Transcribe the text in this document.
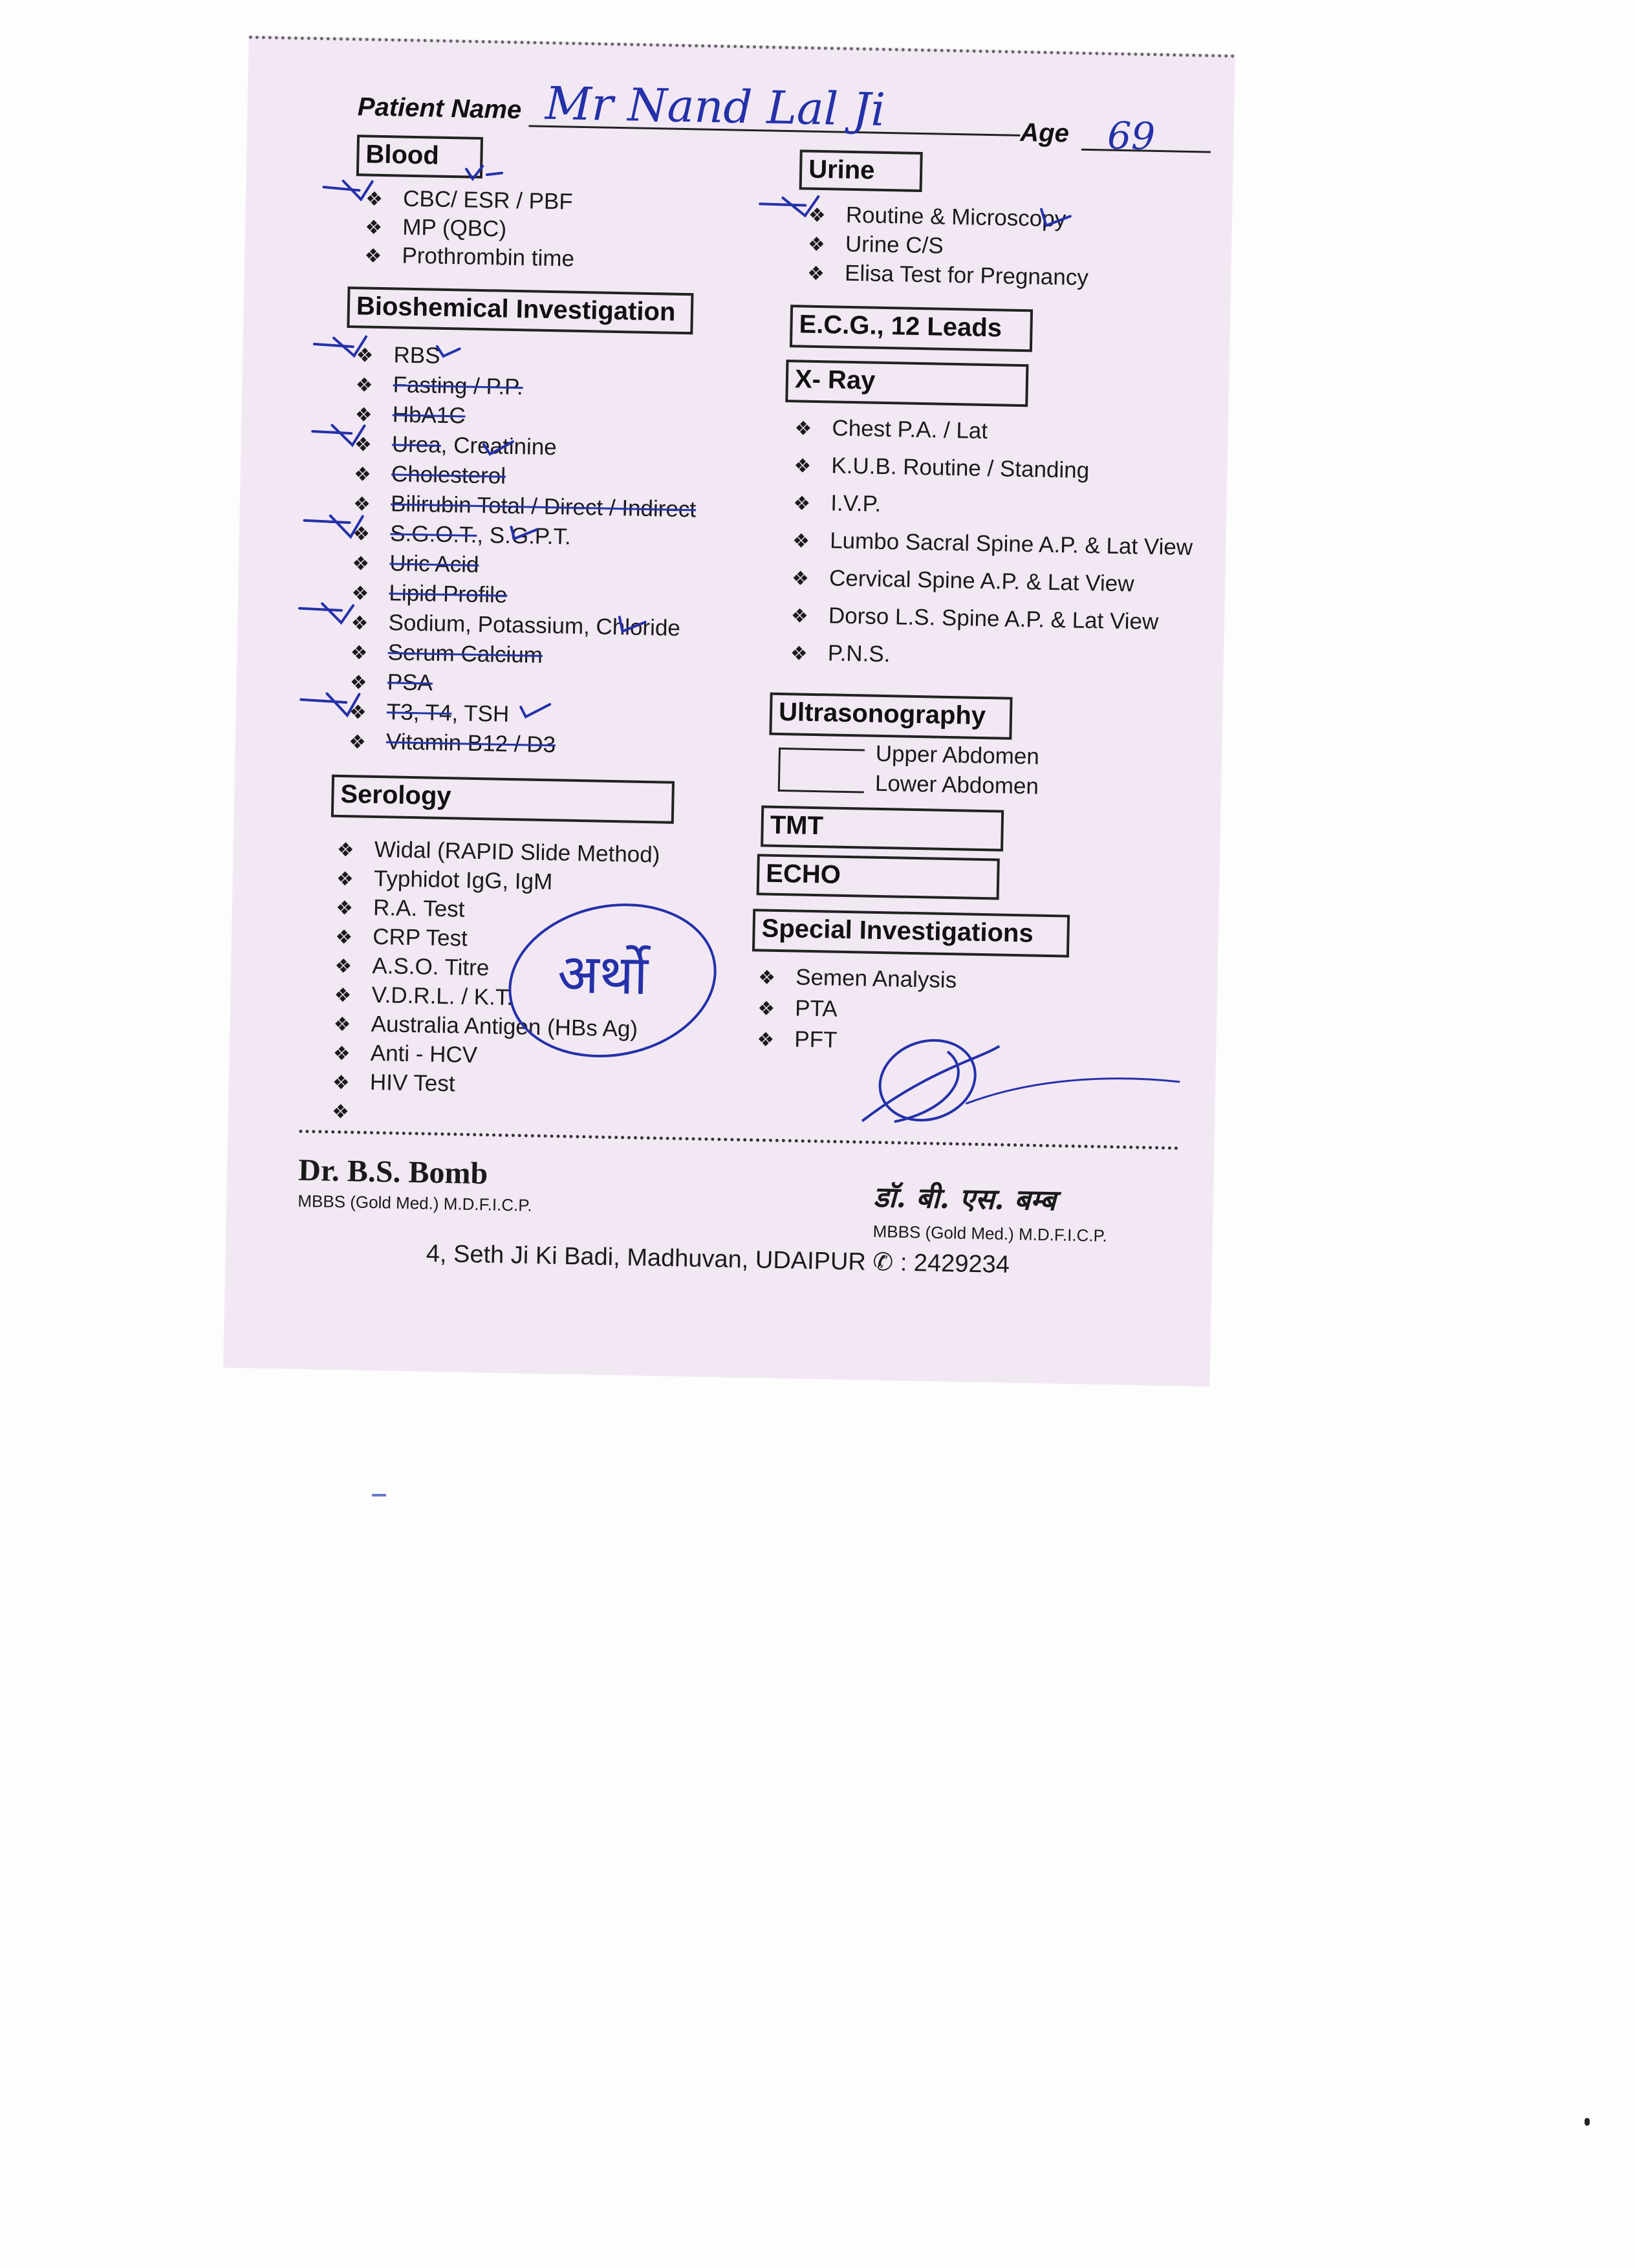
Patient Name Mr Nand Lal Ji	Age 69
Blood
❖ CBC/ ESR / PBF
❖ MP (QBC)
❖ Prothrombin time
Bioshemical Investigation
❖ RBS
❖ Fasting / P.P.
❖ HbA1C
❖ Urea, Creatinine
❖ Cholesterol
❖ Bilirubin Total / Direct / Indirect
❖ S.G.O.T., S.G.P.T.
❖ Uric Acid
❖ Lipid Profile
❖ Sodium, Potassium, Chloride
❖ Serum Calcium
❖ PSA
❖ T3, T4, TSH
❖ Vitamin B12 / D3
Serology
❖ Widal (RAPID Slide Method)
❖ Typhidot IgG, IgM
❖ R.A. Test
❖ CRP Test
❖ A.S.O. Titre
❖ V.D.R.L. / K.T.
❖ Australia Antigen (HBs Ag)
❖ Anti - HCV
❖ HIV Test
❖
अर्थो
Urine
❖ Routine & Microscopy
❖ Urine C/S
❖ Elisa Test for Pregnancy
E.C.G., 12 Leads
X- Ray
❖ Chest P.A. / Lat
❖ K.U.B. Routine / Standing
❖ I.V.P.
❖ Lumbo Sacral Spine A.P. & Lat View
❖ Cervical Spine A.P. & Lat View
❖ Dorso L.S. Spine A.P. & Lat View
❖ P.N.S.
Ultrasonography
Upper Abdomen
Lower Abdomen
TMT
ECHO
Special Investigations
❖ Semen Analysis
❖ PTA
❖ PFT
Dr. B.S. Bomb
MBBS (Gold Med.) M.D.F.I.C.P.	डॉ. बी. एस. बम्ब
MBBS (Gold Med.) M.D.F.I.C.P.
4, Seth Ji Ki Badi, Madhuvan, UDAIPUR ✆ : 2429234
